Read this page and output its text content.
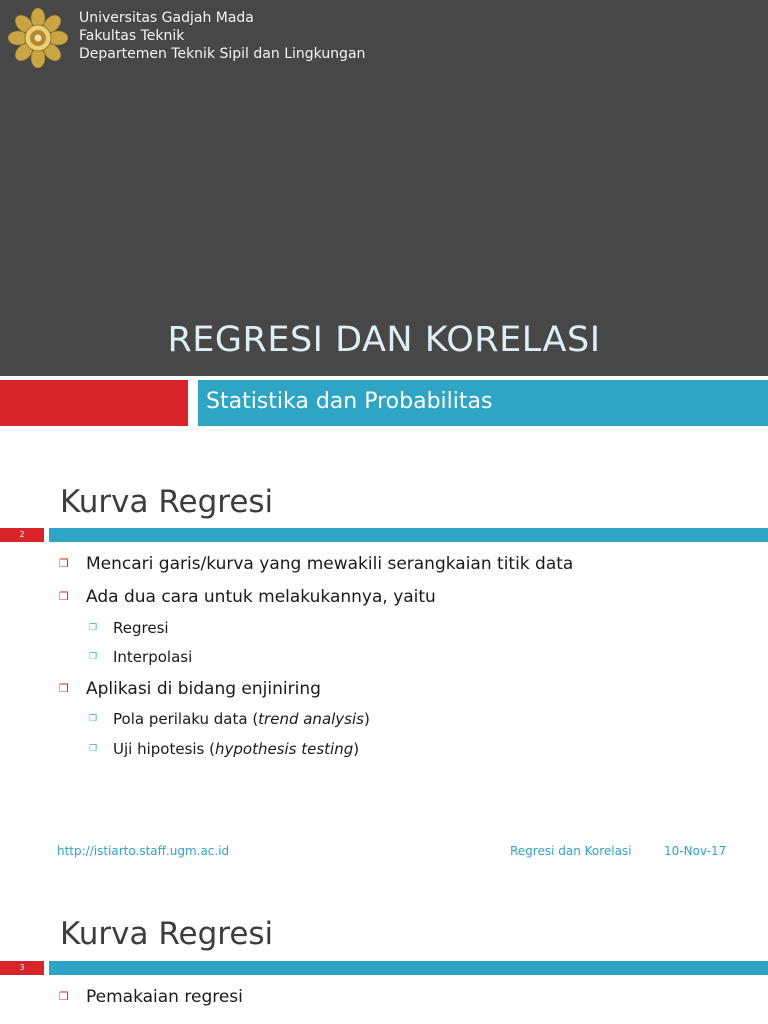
Universitas Gadjah Mada
Fakultas Teknik
Departemen Teknik Sipil dan Lingkungan
REGRESI DAN KORELASI
Statistika dan Probabilitas
Kurva Regresi
2
❒ Mencari garis/kurva yang mewakili serangkaian titik data
❒ Ada dua cara untuk melakukannya, yaitu
❒ Regresi
❒ Interpolasi
❒ Aplikasi di bidang enjiniring
❒ Pola perilaku data (trend analysis)
❒ Uji hipotesis (hypothesis testing)
http://istiarto.staff.ugm.ac.id	Regresi dan Korelasi	10-Nov-17
Kurva Regresi
3
❒ Pemakaian regresi
